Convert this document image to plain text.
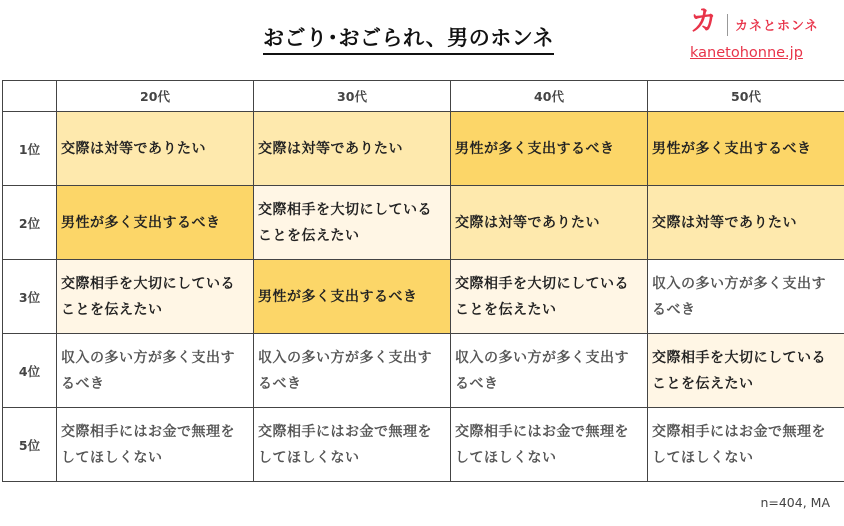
おごり･おごられ、男のホンネ
カ カネとホンネ
kanetohonne.jp
	20代	30代	40代	50代
1位	交際は対等でありたい	交際は対等でありたい	男性が多く支出するべき	男性が多く支出するべき
2位	男性が多く支出するべき	交際相手を大切にしていることを伝えたい	交際は対等でありたい	交際は対等でありたい
3位	交際相手を大切にしていることを伝えたい	男性が多く支出するべき	交際相手を大切にしていることを伝えたい	収入の多い方が多く支出するべき
4位	収入の多い方が多く支出するべき	収入の多い方が多く支出するべき	収入の多い方が多く支出するべき	交際相手を大切にしていることを伝えたい
5位	交際相手にはお金で無理をしてほしくない	交際相手にはお金で無理をしてほしくない	交際相手にはお金で無理をしてほしくない	交際相手にはお金で無理をしてほしくない
n=404, MA
